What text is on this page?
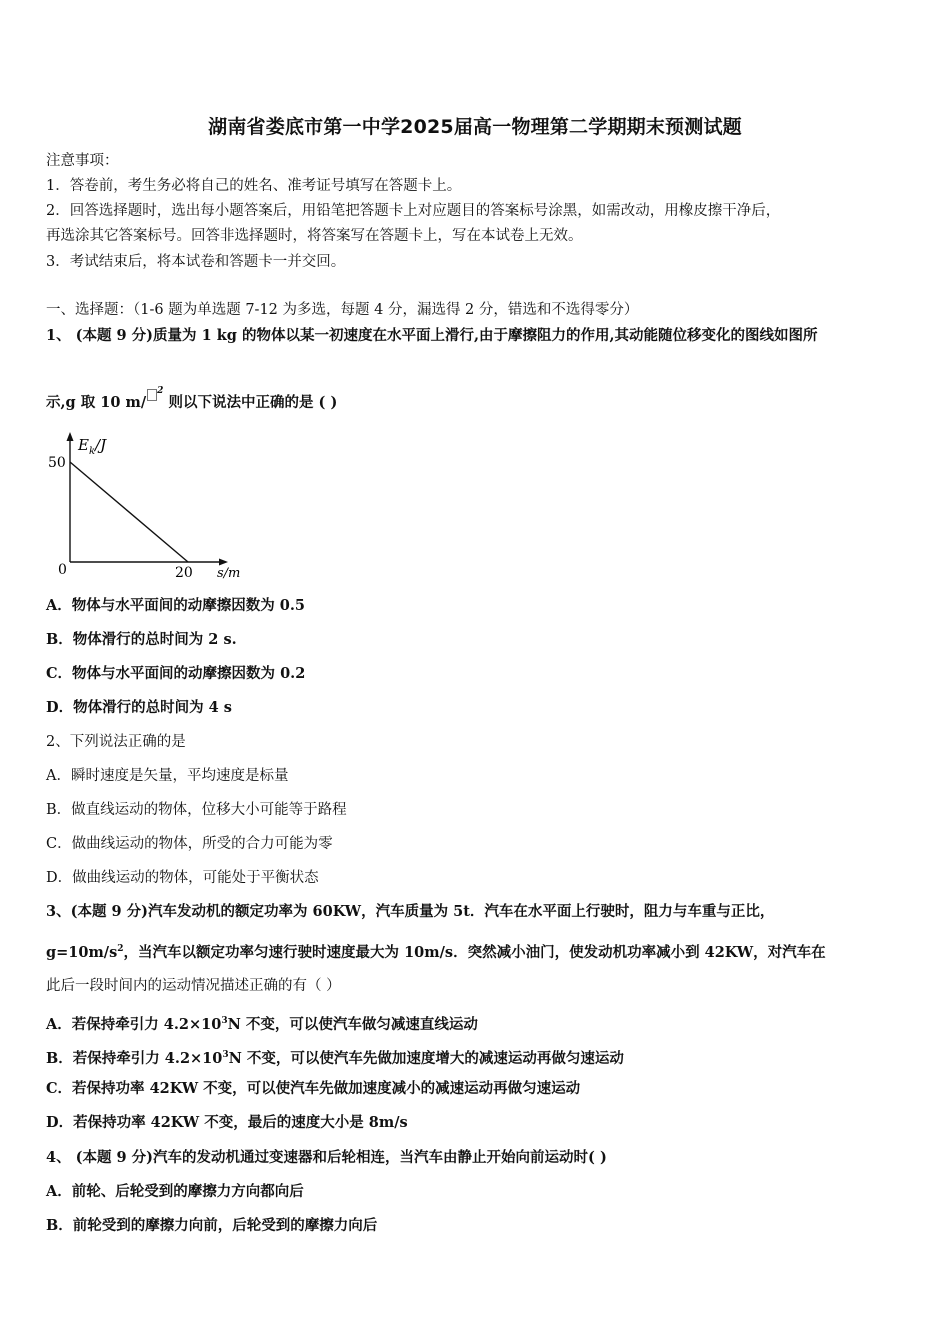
湖南省娄底市第一中学2025届高一物理第二学期期末预测试题
注意事项：
1．答卷前，考生务必将自己的姓名、准考证号填写在答题卡上。
2．回答选择题时，选出每小题答案后，用铅笔把答题卡上对应题目的答案标号涂黑，如需改动，用橡皮擦干净后，
再选涂其它答案标号。回答非选择题时，将答案写在答题卡上，写在本试卷上无效。
3．考试结束后，将本试卷和答题卡一并交回。
一、选择题：（1-6 题为单选题 7-12 为多选，每题 4 分，漏选得 2 分，错选和不选得零分）
1、 (本题 9 分)质量为 1 kg 的物体以某一初速度在水平面上滑行,由于摩擦阻力的作用,其动能随位移变化的图线如图所
示,g 取 10 m/$^2$ 则以下说法中正确的是 ( )
$E_k/J$
50
0	20 s/m
A．物体与水平面间的动摩擦因数为 0.5
B．物体滑行的总时间为 2 s.
C．物体与水平面间的动摩擦因数为 0.2
D．物体滑行的总时间为 4 s
2、下列说法正确的是
A．瞬时速度是矢量，平均速度是标量
B．做直线运动的物体，位移大小可能等于路程
C．做曲线运动的物体，所受的合力可能为零
D．做曲线运动的物体，可能处于平衡状态
3、(本题 9 分)汽车发动机的额定功率为 60KW，汽车质量为 5t．汽车在水平面上行驶时，阻力与车重与正比，
$g=10m/s^2$，当汽车以额定功率匀速行驶时速度最大为 10m/s．突然减小油门，使发动机功率减小到 42KW，对汽车在
此后一段时间内的运动情况描述正确的有（ ）
A．若保持牵引力 $4.2\times 10^3N$ 不变，可以使汽车做匀减速直线运动
B．若保持牵引力 $4.2\times 10^3N$ 不变，可以使汽车先做加速度增大的减速运动再做匀速运动
C．若保持功率 42KW 不变，可以使汽车先做加速度减小的减速运动再做匀速运动
D．若保持功率 42KW 不变，最后的速度大小是 8m/s
4、 (本题 9 分)汽车的发动机通过变速器和后轮相连，当汽车由静止开始向前运动时( )
A．前轮、后轮受到的摩擦力方向都向后
B．前轮受到的摩擦力向前，后轮受到的摩擦力向后
